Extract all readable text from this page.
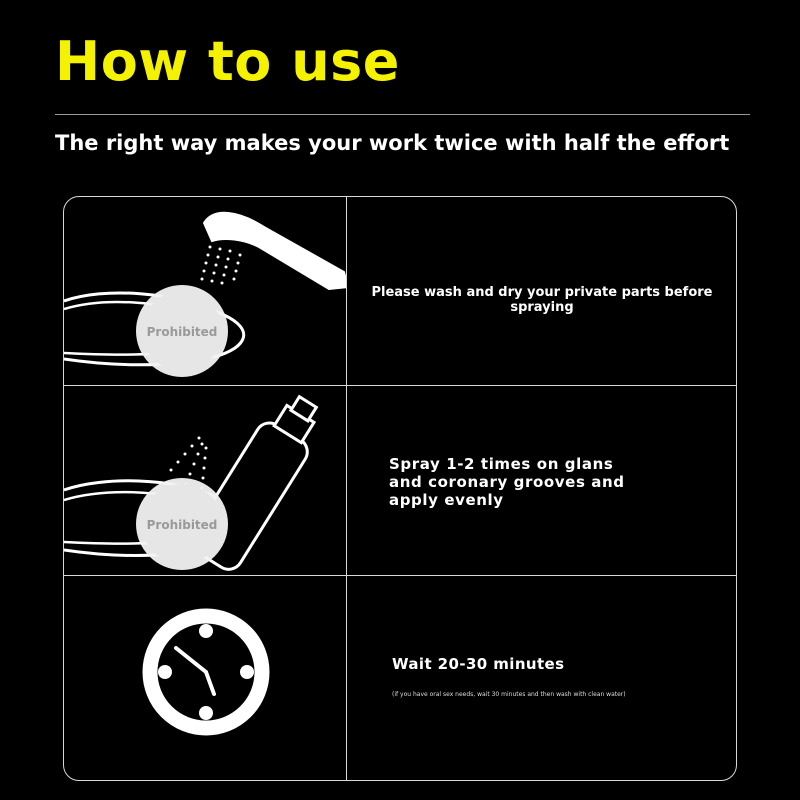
How to use
The right way makes your work twice with half the effort
Prohibited
Please wash and dry your private parts before spraying
Prohibited
Spray 1-2 times on glans and coronary grooves and apply evenly
Wait 20-30 minutes
(if you have oral sex needs, wait 30 minutes and then wash with clean water)
